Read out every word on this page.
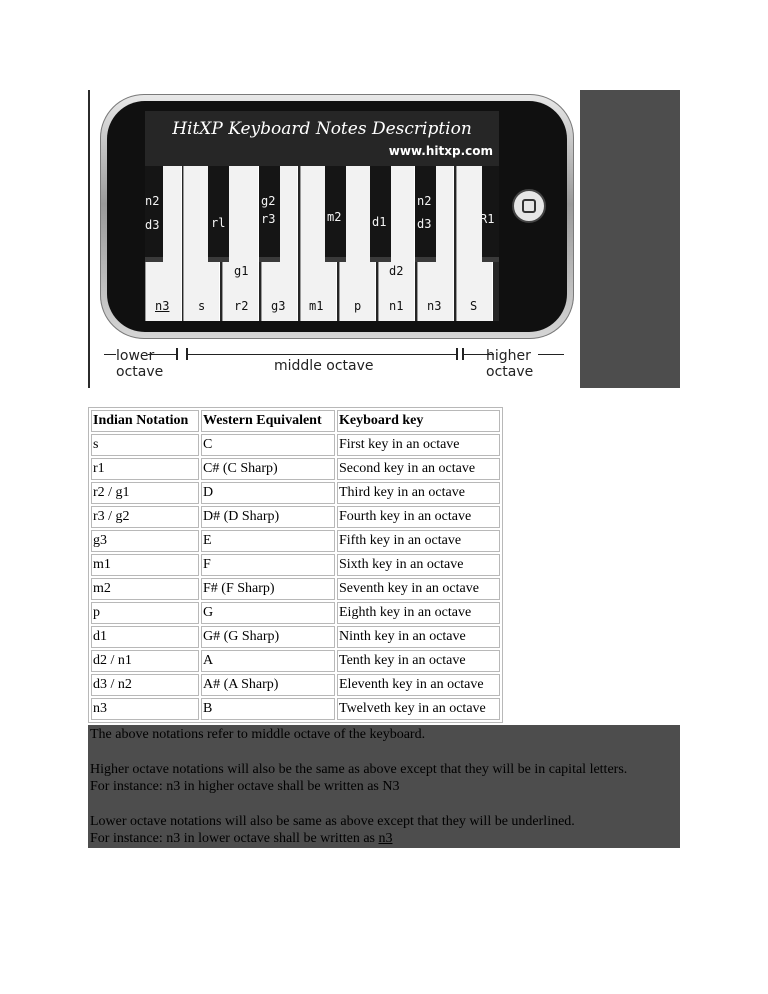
HitXP Keyboard Notes Description
www.hitxp.com
n3 s
g1
r2 g3 m1	p
d2
n1 n3 S
n2
d3	rl
g2
r3	m2	d1
n2
d3	R1
lower
octave	middle octave
higher
octave
Indian Notation	Western Equivalent	Keyboard key
s	C	First key in an octave
r1	C# (C Sharp)	Second key in an octave
r2 / g1	D	Third key in an octave
r3 / g2	D# (D Sharp)	Fourth key in an octave
g3	E	Fifth key in an octave
m1	F	Sixth key in an octave
m2	F# (F Sharp)	Seventh key in an octave
p	G	Eighth key in an octave
d1	G# (G Sharp)	Ninth key in an octave
d2 / n1	A	Tenth key in an octave
d3 / n2	A# (A Sharp)	Eleventh key in an octave
n3	B	Twelveth key in an octave

The above notations refer to middle octave of the keyboard.

Higher octave notations will also be the same as above except that they will be in capital letters.

For instance: n3 in higher octave shall be written as N3

Lower octave notations will also be same as above except that they will be underlined.

For instance: n3 in lower octave shall be written as n3
